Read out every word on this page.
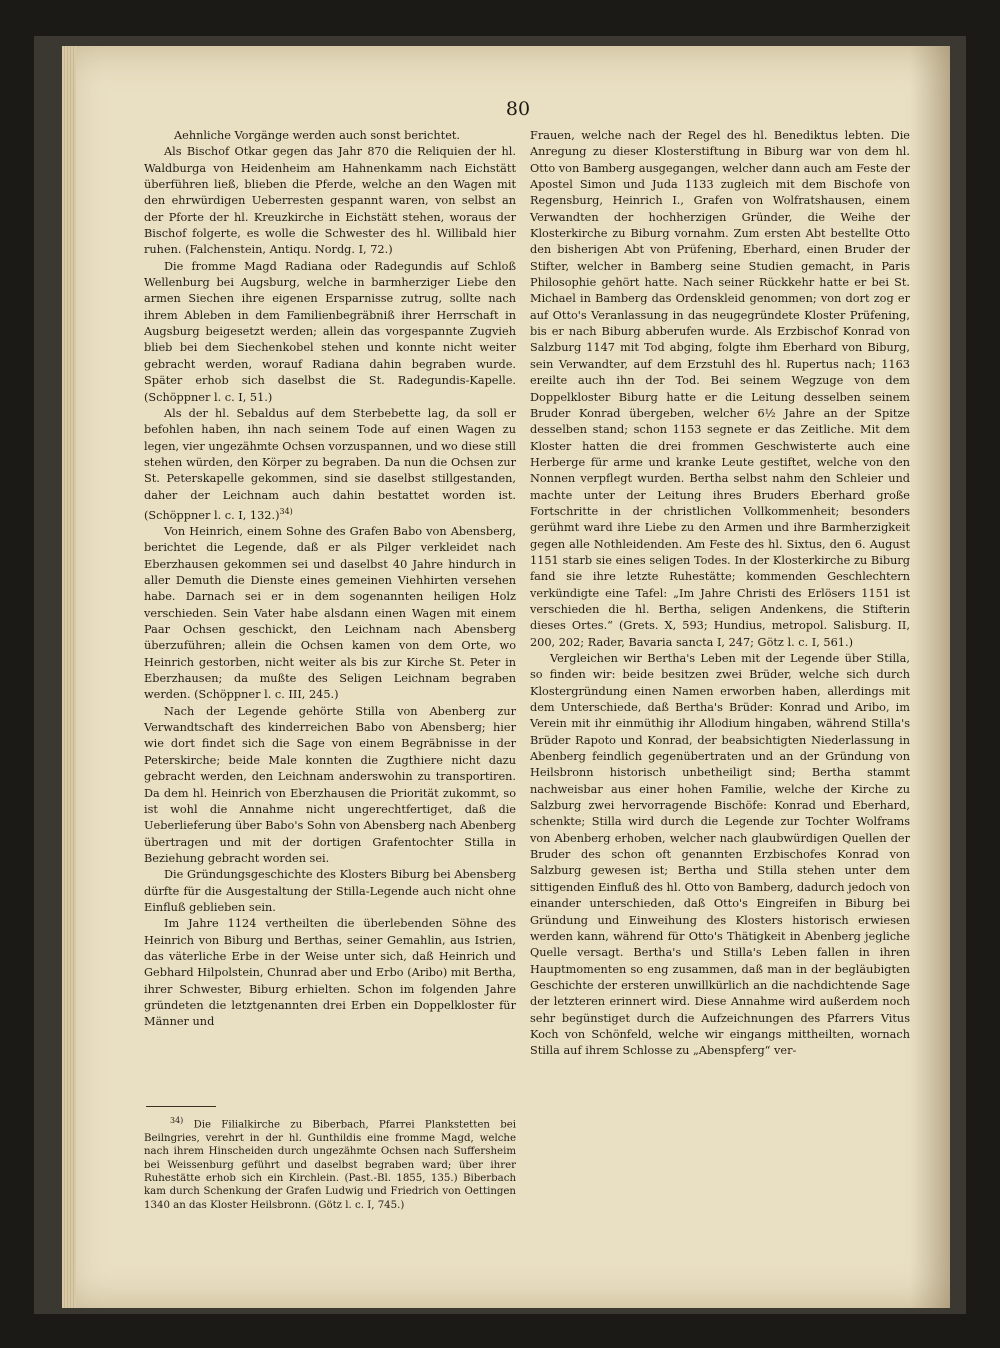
80

Aehnliche Vorgänge werden auch sonst berichtet.

Als Bischof Otkar gegen das Jahr 870 die Reliquien der hl. Waldburga von Heidenheim am Hahnenkamm nach Eichstätt überführen ließ, blieben die Pferde, welche an den Wagen mit den ehrwürdigen Ueberresten gespannt waren, von selbst an der Pforte der hl. Kreuzkirche in Eichstätt stehen, woraus der Bischof folgerte, es wolle die Schwester des hl. Willibald hier ruhen. (Falchenstein, Antiqu. Nordg. I, 72.)

Die fromme Magd Radiana oder Radegundis auf Schloß Wellenburg bei Augsburg, welche in barmherziger Liebe den armen Siechen ihre eigenen Ersparnisse zutrug, sollte nach ihrem Ableben in dem Familienbegräbniß ihrer Herrschaft in Augsburg beigesetzt werden; allein das vorgespannte Zugvieh blieb bei dem Siechenkobel stehen und konnte nicht weiter gebracht werden, worauf Radiana dahin begraben wurde. Später erhob sich daselbst die St. Radegundis-Kapelle. (Schöppner l. c. I, 51.)

Als der hl. Sebaldus auf dem Sterbebette lag, da soll er befohlen haben, ihn nach seinem Tode auf einen Wagen zu legen, vier ungezähmte Ochsen vorzuspannen, und wo diese still stehen würden, den Körper zu begraben. Da nun die Ochsen zur St. Peterskapelle gekommen, sind sie daselbst stillgestanden, daher der Leichnam auch dahin bestattet worden ist. (Schöppner l. c. I, 132.)$^{34)}$

Von Heinrich, einem Sohne des Grafen Babo von Abensberg, berichtet die Legende, daß er als Pilger verkleidet nach Eberzhausen gekommen sei und daselbst 40 Jahre hindurch in aller Demuth die Dienste eines gemeinen Viehhirten versehen habe. Darnach sei er in dem sogenannten heiligen Holz verschieden. Sein Vater habe alsdann einen Wagen mit einem Paar Ochsen geschickt, den Leichnam nach Abensberg überzuführen; allein die Ochsen kamen von dem Orte, wo Heinrich gestorben, nicht weiter als bis zur Kirche St. Peter in Eberzhausen; da mußte des Seligen Leichnam begraben werden. (Schöppner l. c. III, 245.)

Nach der Legende gehörte Stilla von Abenberg zur Verwandtschaft des kinderreichen Babo von Abensberg; hier wie dort findet sich die Sage von einem Begräbnisse in der Peterskirche; beide Male konnten die Zugthiere nicht dazu gebracht werden, den Leichnam anderswohin zu transportiren. Da dem hl. Heinrich von Eberzhausen die Priorität zukommt, so ist wohl die Annahme nicht ungerechtfertiget, daß die Ueberlieferung über Babo's Sohn von Abensberg nach Abenberg übertragen und mit der dortigen Grafentochter Stilla in Beziehung gebracht worden sei.

Die Gründungsgeschichte des Klosters Biburg bei Abensberg dürfte für die Ausgestaltung der Stilla-Legende auch nicht ohne Einfluß geblieben sein.

Im Jahre 1124 vertheilten die überlebenden Söhne des Heinrich von Biburg und Berthas, seiner Gemahlin, aus Istrien, das väterliche Erbe in der Weise unter sich, daß Heinrich und Gebhard Hilpolstein, Chunrad aber und Erbo (Aribo) mit Bertha, ihrer Schwester, Biburg erhielten. Schon im folgenden Jahre gründeten die letztgenannten drei Erben ein Doppelkloster für Männer und

$^{34)}$ Die Filialkirche zu Biberbach, Pfarrei Plankstetten bei Beilngries, verehrt in der hl. Gunthildis eine fromme Magd, welche nach ihrem Hinscheiden durch ungezähmte Ochsen nach Suffersheim bei Weissenburg geführt und daselbst begraben ward; über ihrer Ruhestätte erhob sich ein Kirchlein. (Past.-Bl. 1855, 135.) Biberbach kam durch Schenkung der Grafen Ludwig und Friedrich von Oettingen 1340 an das Kloster Heilsbronn. (Götz l. c. I, 745.)

Frauen, welche nach der Regel des hl. Benediktus lebten. Die Anregung zu dieser Klosterstiftung in Biburg war von dem hl. Otto von Bamberg ausgegangen, welcher dann auch am Feste der Apostel Simon und Juda 1133 zugleich mit dem Bischofe von Regensburg, Heinrich I., Grafen von Wolfratshausen, einem Verwandten der hochherzigen Gründer, die Weihe der Klosterkirche zu Biburg vornahm. Zum ersten Abt bestellte Otto den bisherigen Abt von Prüfening, Eberhard, einen Bruder der Stifter, welcher in Bamberg seine Studien gemacht, in Paris Philosophie gehört hatte. Nach seiner Rückkehr hatte er bei St. Michael in Bamberg das Ordenskleid genommen; von dort zog er auf Otto's Veranlassung in das neugegründete Kloster Prüfening, bis er nach Biburg abberufen wurde. Als Erzbischof Konrad von Salzburg 1147 mit Tod abging, folgte ihm Eberhard von Biburg, sein Verwandter, auf dem Erzstuhl des hl. Rupertus nach; 1163 ereilte auch ihn der Tod. Bei seinem Wegzuge von dem Doppelkloster Biburg hatte er die Leitung desselben seinem Bruder Konrad übergeben, welcher 6½ Jahre an der Spitze desselben stand; schon 1153 segnete er das Zeitliche. Mit dem Kloster hatten die drei frommen Geschwisterte auch eine Herberge für arme und kranke Leute gestiftet, welche von den Nonnen verpflegt wurden. Bertha selbst nahm den Schleier und machte unter der Leitung ihres Bruders Eberhard große Fortschritte in der christlichen Vollkommenheit; besonders gerühmt ward ihre Liebe zu den Armen und ihre Barmherzigkeit gegen alle Nothleidenden. Am Feste des hl. Sixtus, den 6. August 1151 starb sie eines seligen Todes. In der Klosterkirche zu Biburg fand sie ihre letzte Ruhestätte; kommenden Geschlechtern verkündigte eine Tafel: „Im Jahre Christi des Erlösers 1151 ist verschieden die hl. Bertha, seligen Andenkens, die Stifterin dieses Ortes.“ (Grets. X, 593; Hundius, metropol. Salisburg. II, 200, 202; Rader, Bavaria sancta I, 247; Götz l. c. I, 561.)

Vergleichen wir Bertha's Leben mit der Legende über Stilla, so finden wir: beide besitzen zwei Brüder, welche sich durch Klostergründung einen Namen erworben haben, allerdings mit dem Unterschiede, daß Bertha's Brüder: Konrad und Aribo, im Verein mit ihr einmüthig ihr Allodium hingaben, während Stilla's Brüder Rapoto und Konrad, der beabsichtigten Niederlassung in Abenberg feindlich gegenübertraten und an der Gründung von Heilsbronn historisch unbetheiligt sind; Bertha stammt nachweisbar aus einer hohen Familie, welche der Kirche zu Salzburg zwei hervorragende Bischöfe: Konrad und Eberhard, schenkte; Stilla wird durch die Legende zur Tochter Wolframs von Abenberg erhoben, welcher nach glaubwürdigen Quellen der Bruder des schon oft genannten Erzbischofes Konrad von Salzburg gewesen ist; Bertha und Stilla stehen unter dem sittigenden Einfluß des hl. Otto von Bamberg, dadurch jedoch von einander unterschieden, daß Otto's Eingreifen in Biburg bei Gründung und Einweihung des Klosters historisch erwiesen werden kann, während für Otto's Thätigkeit in Abenberg jegliche Quelle versagt. Bertha's und Stilla's Leben fallen in ihren Hauptmomenten so eng zusammen, daß man in der begläubigten Geschichte der ersteren unwillkürlich an die nachdichtende Sage der letzteren erinnert wird. Diese Annahme wird außerdem noch sehr begünstiget durch die Aufzeichnungen des Pfarrers Vitus Koch von Schönfeld, welche wir eingangs mittheilten, wornach Stilla auf ihrem Schlosse zu „Abenspferg“ ver-
